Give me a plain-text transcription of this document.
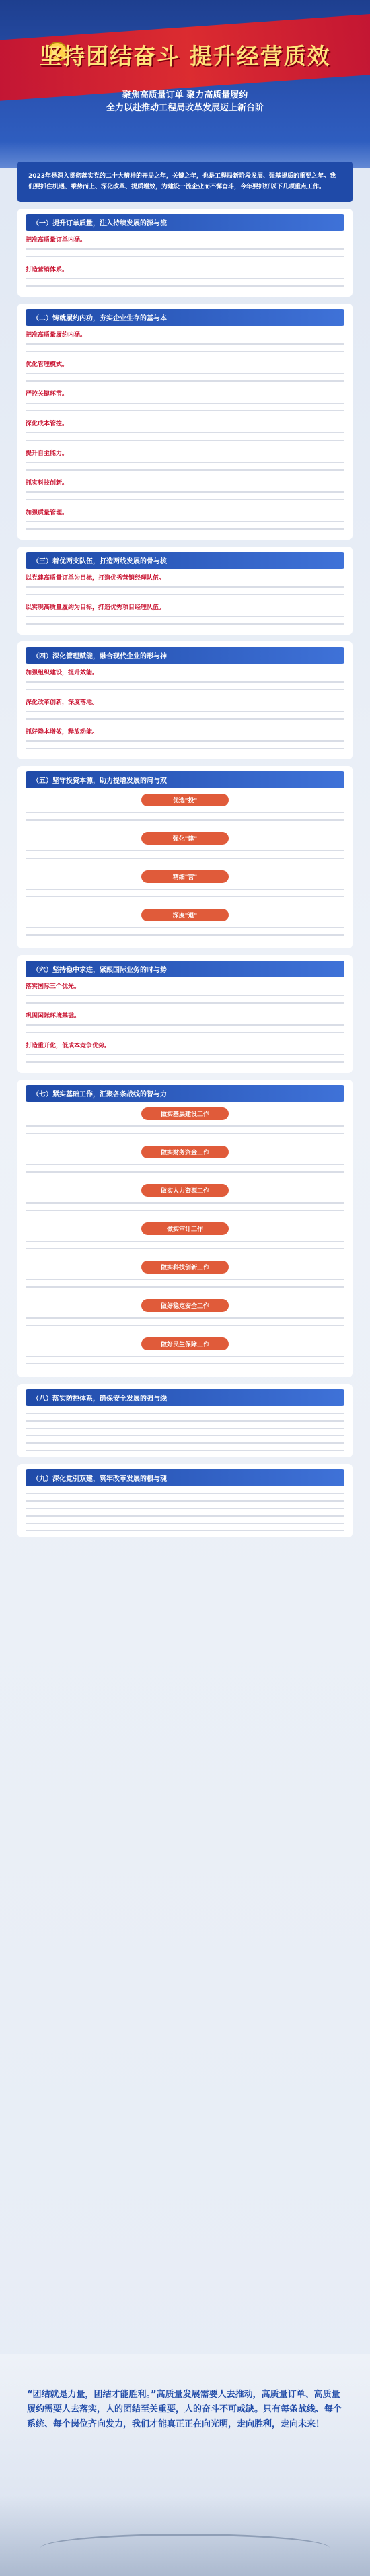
坚持团结奋斗 提升经营质效
聚焦高质量订单 聚力高质量履约
全力以赴推动工程局改革发展迈上新台阶
2023年是深入贯彻落实党的二十大精神的开局之年，关键之年，也是工程局新阶段发展、强基提质的重要之年。我们要抓住机遇、乘势而上、深化改革、提质增效，为建设一流企业而不懈奋斗，今年要抓好以下几项重点工作。
（一）提升订单质量，注入持续发展的源与流
把准高质量订单内涵。
打造营销体系。
（二）铸就履约内功，夯实企业生存的基与本
把准高质量履约内涵。
优化管理模式。
严控关键环节。
深化成本管控。
提升自主能力。
抓实科技创新。
加强质量管理。
（三）着优两支队伍，打造两线发展的骨与核
以党建高质量订单为目标，打造优秀营销经理队伍。
以实现高质量履约为目标，打造优秀项目经理队伍。
（四）深化管理赋能，融合现代企业的形与神
加强组织建设，提升效能。
深化改革创新，深度落地。
抓好降本增效，释放动能。
（五）坚守投资本源，助力提增发展的肩与双
优选"投"
强化"建"
精细"营"
深度"退"
（六）坚持稳中求进，紧跟国际业务的时与势
落实国际三个优先。
巩固国际环境基础。
打造重开化，低成本竞争优势。
（七）紧实基础工作，汇聚各条战线的智与力
做实基层建设工作
做实财务资金工作
做实人力资源工作
做实审计工作
做实科技创新工作
做好稳定安全工作
做好民生保障工作
（八）落实防控体系，确保安全发展的强与线
（九）深化党引双建，筑牢改革发展的根与魂
“团结就是力量，团结才能胜利。”高质量发展需要人去推动，高质量订单、高质量履约需要人去落实，人的团结至关重要，人的奋斗不可或缺。只有每条战线、每个系统、每个岗位齐向发力，我们才能真正正在向光明，走向胜利，走向未来！
